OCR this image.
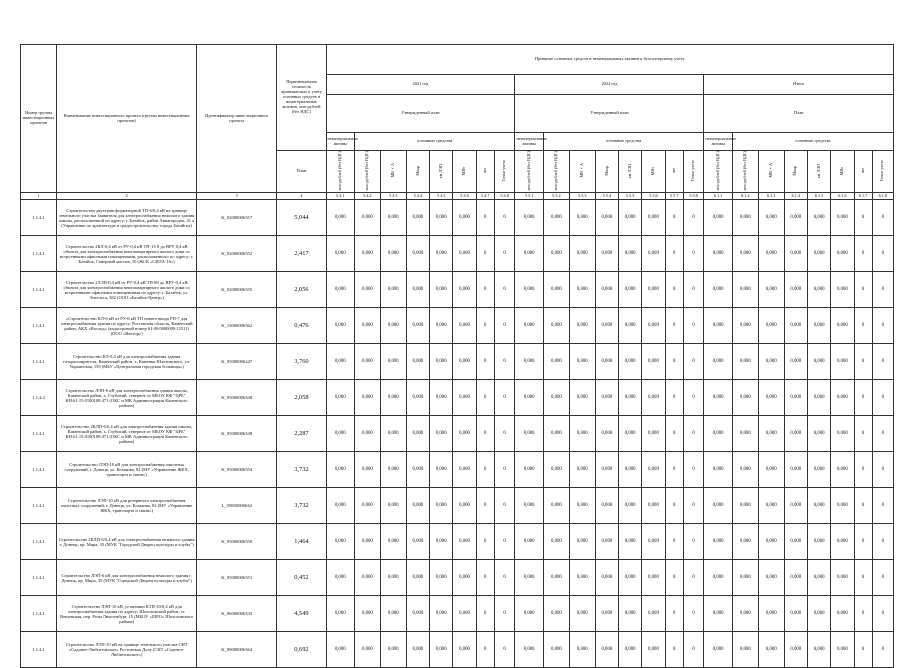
Номер группы инвестиционных проектов	Наименование инвестиционного проекта (группы инвестиционных проектов)	Идентификатор инвестиционного проекта	Первоначальная стоимость принимаемых к учету основных средств и нематериальных активов, млн рублей (без НДС)	Принятие основных средств и нематериальных активов к бухгалтерскому учету																							
				2021 год								2022 год								Итого							
				Утвержденный план								Утвержденный план								План							
				нематериальные активы	основные средства							нематериальные активы	основные средства							нематериальные активы	основные средства						
			План	млн рублей (без НДС)	млн рублей (без НДС)	МВ×А	Мвар	км ЛЭП	МВт	шт	Точки учета	млн рублей (без НДС)	млн рублей (без НДС)	МВ×А	Мвар	км ЛЭП	МВт	шт	Точки учета	млн рублей (без НДС)	млн рублей (без НДС)	МВ×А	Мвар	км ЛЭП	МВт	шт	Точки учета
1	2	3	4	5.4.1	5.4.2	5.4.3	5.4.4	5.4.5	5.4.6	5.4.7	5.4.8	5.5.1	5.5.2	5.5.3	5.5.4	5.5.5	5.5.6	5.5.7	5.5.8	6.1.1	6.1.2	6.1.3	6.1.4	6.1.5	6.1.6	6.1.7	6.1.8
1.1.4.1	Строительство двухтрансформаторной ТП-6/0,4 кВ на границе земельного участка Заявителя для электроснабжения нежилого здания школы, расположенной по адресу: г. Батайск, район Авиагородок, 41 а (Управление по архитектуре и градостроительству города Батайска)	K_02000006357	5,044	0,000	0,000	0,000	0,000	0,000	0,000	0	0	0,000	0,000	0,000	0,000	0,000	0,000	0	0	0,000	0,000	0,000	0,000	0,000	0,000	0	0
1.1.4.1	Строительство 2КЛ-0,4 кВ от РУ-0,4 кВ ТП-13-8 до ВРУ 0,4 кВ объекта для электроснабжения многоквартирного жилого дома со встроенными офисными помещениями, расположенного по адресу: г. Батайск, Северный массив, 16 (ЖСК «СИЛА-16»)	K_02000006352	2,417	0,000	0,000	0,000	0,000	0,000	0,000	0	0	0,000	0,000	0,000	0,000	0,000	0,000	0	0	0,000	0,000	0,000	0,000	0,000	0,000	0	0
1.1.4.1	Строительство 2ЛЭП-0,4 кВ от РУ-0,4 кВ ТП-80 до ВРУ-0,4 кВ объекта для электроснабжения многоквартирного жилого дома со встроенными офисными помещениями по адресу: г. Батайск, ул. Энгельса, 382 (ООО «Батайск-Центр»)	K_02000006355	2,056	0,000	0,000	0,000	0,000	0,000	0,000	0	0	0,000	0,000	0,000	0,000	0,000	0,000	0	0	0,000	0,000	0,000	0,000	0,000	0,000	0	0
1.1.4.1	«Строительство КЛ-6 кВ от РУ-6 кВ ТП нового ввода РП-7 для электроснабжения здания по адресу: Ростовская область, Каменский район, АКХ «Восход» (кадастровый номер 61:00:0000000:12511) (ООО «Вектор»)	K_13000006362	0,476	0,000	0,000	0,000	0,000	0,000	0,000	0	0	0,000	0,000	0,000	0,000	0,000	0,000	0	0	0,000	0,000	0,000	0,000	0,000	0,000	0	0
1.1.4.1	Строительство КЛ-0,4 кВ для электроснабжения здания газорасширителя, Каменский район, х. Каменка-Шахтинского, ул. Украинская, 159 (МБУ «Центральная городская больница»)	K_05000006247	3,760	0,000	0,000	0,000	0,000	0,000	0,000	0	0	0,000	0,000	0,000	0,000	0,000	0,000	0	0	0,000	0,000	0,000	0,000	0,000	0,000	0	0
1.1.4.2	Строительство ЛЭП-6 кВ для электроснабжения здания школы, Каменский район, х. Глубокий, северное от МБОУ КФ "ЦРБ" КН:61:15:0100108:471 (ОКС и МК Администрации Каменского района)	K_05000006348	2,058	0,000	0,000	0,000	0,000	0,000	0,000	0	0	0,000	0,000	0,000	0,000	0,000	0,000	0	0	0,000	0,000	0,000	0,000	0,000	0,000	0	0
1.1.4.1	Строительство 2КЛП-6/0,4 кВ для электроснабжения здания школы, Каменский район, х. Глубокий, северное от МБОУ КФ "ЦРБ" КН:61:15:0100108:471 (ОКС и МК Администрации Каменского района)	K_05000006349	2,287	0,000	0,000	0,000	0,000	0,000	0,000	0	0	0,000	0,000	0,000	0,000	0,000	0,000	0	0	0,000	0,000	0,000	0,000	0,000	0,000	0	0
1.1.4.1	Строительство ЛЭП-10 кВ для электроснабжения очистных сооружений, г. Донецк, ул. Козакова, 82 (МУ «Управление ЖКХ, транспорта и связи»)	K_05000006354	3,732	0,000	0,000	0,000	0,000	0,000	0,000	0	0	0,000	0,000	0,000	0,000	0,000	0,000	0	0	0,000	0,000	0,000	0,000	0,000	0,000	0	0
1.1.4.1	Строительство ЛЭП-10 кВ для резервного электроснабжения очистных сооружений, г. Донецк, ул. Козакова, 82 (МУ «Управление ЖКХ, транспорта и связи»)	L_05000006634	3,732	0,000	0,000	0,000	0,000	0,000	0,000	0	0	0,000	0,000	0,000	0,000	0,000	0,000	0	0	0,000	0,000	0,000	0,000	0,000	0,000	0	0
1.1.4.1	Строительство 2КЛП-6/0,4 кВ для электроснабжения нежилого здания г. Донецк, пр. Мира, 35 (МУК "Городской Дворец культуры и клубы")	K_05000006350	1,464	0,000	0,000	0,000	0,000	0,000	0,000	0	0	0,000	0,000	0,000	0,000	0,000	0,000	0	0	0,000	0,000	0,000	0,000	0,000	0,000	0	0
1.1.4.1	Строительство ЛЭП-6 кВ для электроснабжения нежилого здания г. Донецк, пр. Мира, 35 (МУК "Городской Дворец культуры и клубы")	K_05000006351	0,452	0,000	0,000	0,000	0,000	0,000	0,000	0	0	0,000	0,000	0,000	0,000	0,000	0,000	0	0	0,000	0,000	0,000	0,000	0,000	0,000	0	0
1.1.4.1	Строительство ЛЭП-10 кВ, установки КТП-10/0,4 кВ для электроснабжения здания по адресу: Шолоховский район, ст. Вешенская, пер. Розы Люксембург, 15 (МБОУ «ШРО» Шолоховского района)	K_06000006333	4,549	0,000	0,000	0,000	0,000	0,000	0,000	0	0	0,000	0,000	0,000	0,000	0,000	0,000	0	0	0,000	0,000	0,000	0,000	0,000	0,000	0	0
1.1.4.1	Строительство ЛЭП-10 кВ на границе земельного участка СНТ «Садовое-Любительское» Ростовская Долу (СНТ «Садовое-Любительское»)	K_09000006364	0,692	0,000	0,000	0,000	0,000	0,000	0,000	0	0	0,000	0,000	0,000	0,000	0,000	0,000	0	0	0,000	0,000	0,000	0,000	0,000	0,000	0	0
